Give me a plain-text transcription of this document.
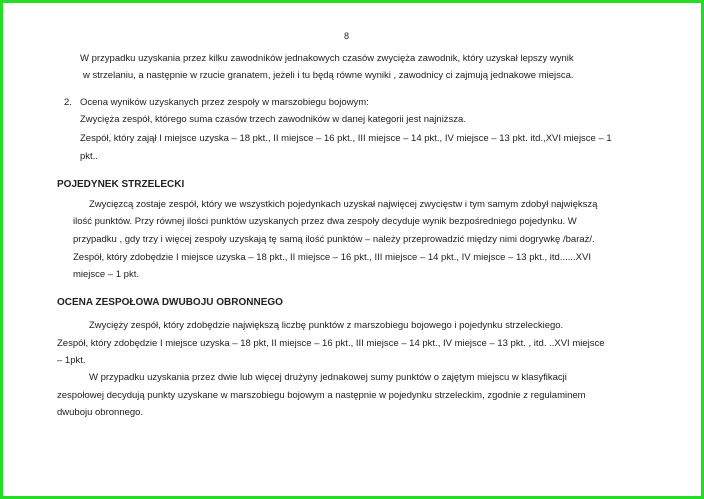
8
W przypadku uzyskania przez kilku zawodników jednakowych czasów zwycięża zawodnik, który uzyskał lepszy wynik
w strzelaniu, a następnie w rzucie granatem, jeżeli i tu będą równe wyniki , zawodnicy ci zajmują jednakowe miejsca.
2. Ocena wyników uzyskanych przez zespoły w marszobiegu bojowym:
Zwycięża zespół, którego suma czasów trzech zawodników w danej kategorii jest najniższa.
Zespół, który zajął I miejsce uzyska – 18 pkt., II miejsce – 16 pkt., III miejsce – 14 pkt., IV miejsce – 13 pkt. itd.,XVI miejsce – 1
pkt..
POJEDYNEK STRZELECKI
Zwycięzcą zostaje zespół, który we wszystkich pojedynkach uzyskał najwięcej zwycięstw i tym samym zdobył największą
ilość punktów. Przy równej ilości punktów uzyskanych przez dwa zespoły decyduje wynik bezpośredniego pojedynku. W
przypadku , gdy trzy i więcej zespoły uzyskają tę samą ilość punktów – należy przeprowadzić między nimi dogrywkę /baraż/.
Zespół, który zdobędzie I miejsce uzyska – 18 pkt., II miejsce – 16 pkt., III miejsce – 14 pkt., IV miejsce – 13 pkt., itd......XVI
miejsce – 1 pkt.
OCENA ZESPOŁOWA DWUBOJU OBRONNEGO
Zwycięży zespół, który zdobędzie największą liczbę punktów z marszobiegu bojowego i pojedynku strzeleckiego.
Zespół, który zdobędzie I miejsce uzyska – 18 pkt, II miejsce – 16 pkt., III miejsce – 14 pkt., IV miejsce – 13 pkt. , itd. ..XVI miejsce
– 1pkt.
W przypadku uzyskania przez dwie lub więcej drużyny jednakowej sumy punktów o zajętym miejscu w klasyfikacji
zespołowej decydują punkty uzyskane w marszobiegu bojowym a następnie w pojedynku strzeleckim, zgodnie z regulaminem
dwuboju obronnego.
